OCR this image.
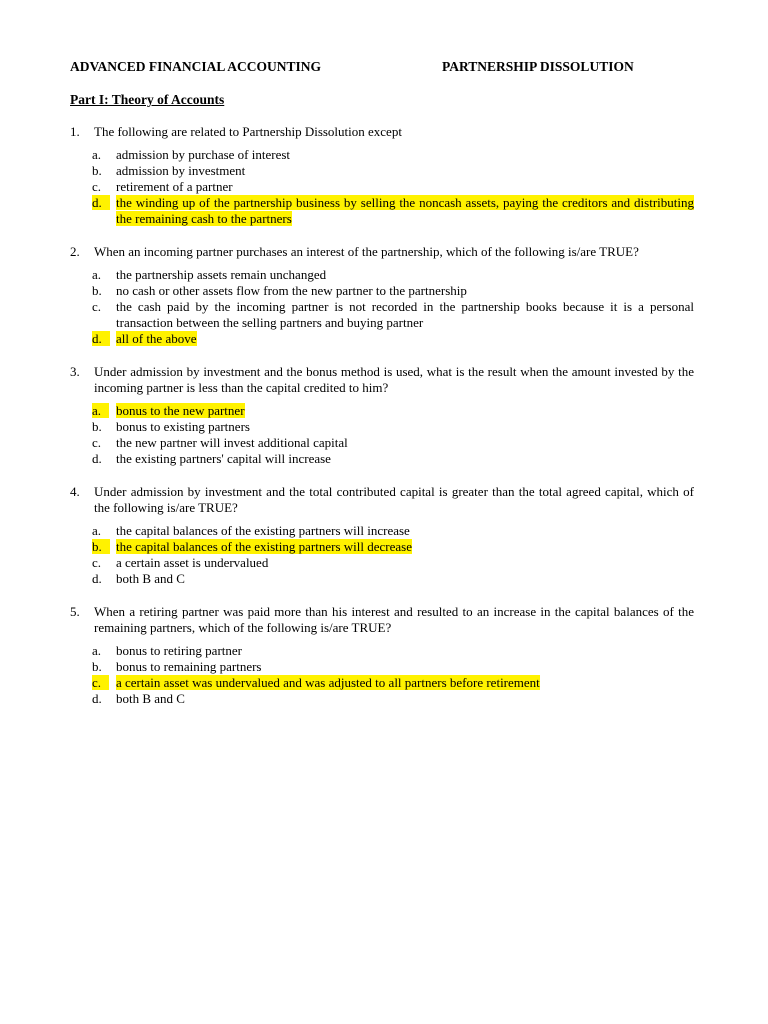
ADVANCED FINANCIAL ACCOUNTING	PARTNERSHIP DISSOLUTION
Part I: Theory of Accounts
1.	The following are related to Partnership Dissolution except
a.	admission by purchase of interest
b.	admission by investment
c.	retirement of a partner
d.	the winding up of the partnership business by selling the noncash assets, paying the creditors and distributing the remaining cash to the partners
2.	When an incoming partner purchases an interest of the partnership, which of the following is/are TRUE?
a.	the partnership assets remain unchanged
b.	no cash or other assets flow from the new partner to the partnership
c.	the cash paid by the incoming partner is not recorded in the partnership books because it is a personal transaction between the selling partners and buying partner
d.	all of the above
3.	Under admission by investment and the bonus method is used, what is the result when the amount invested by the incoming partner is less than the capital credited to him?
a.	bonus to the new partner
b.	bonus to existing partners
c.	the new partner will invest additional capital
d.	the existing partners' capital will increase
4.	Under admission by investment and the total contributed capital is greater than the total agreed capital, which of the following is/are TRUE?
a.	the capital balances of the existing partners will increase
b.	the capital balances of the existing partners will decrease
c.	a certain asset is undervalued
d.	both B and C
5.	When a retiring partner was paid more than his interest and resulted to an increase in the capital balances of the remaining partners, which of the following is/are TRUE?
a.	bonus to retiring partner
b.	bonus to remaining partners
c.	a certain asset was undervalued and was adjusted to all partners before retirement
d.	both B and C
